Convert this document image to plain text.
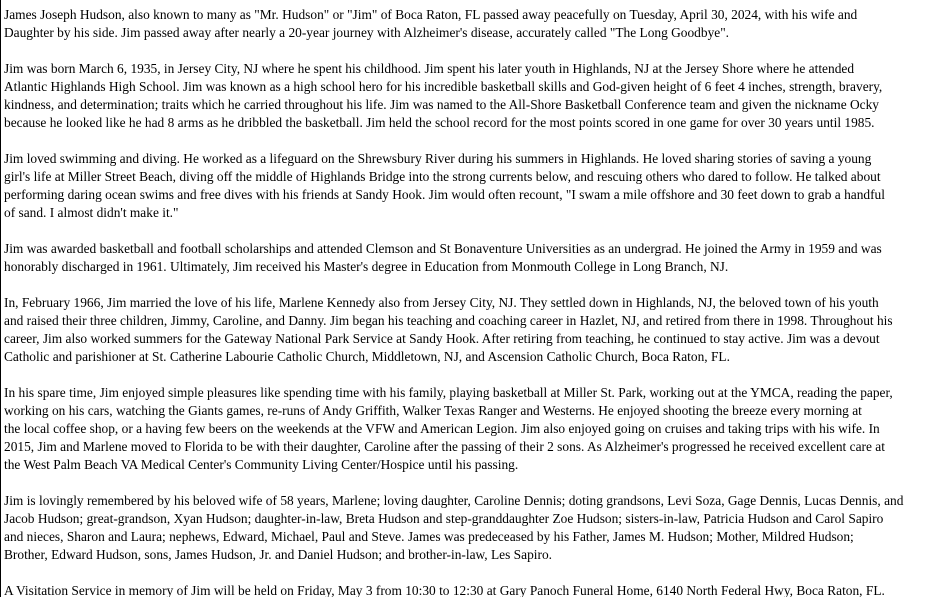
James Joseph Hudson, also known to many as "Mr. Hudson" or "Jim" of Boca Raton, FL passed away peacefully on Tuesday, April 30, 2024, with his wife and
Daughter by his side. Jim passed away after nearly a 20-year journey with Alzheimer's disease, accurately called "The Long Goodbye".

Jim was born March 6, 1935, in Jersey City, NJ where he spent his childhood. Jim spent his later youth in Highlands, NJ at the Jersey Shore where he attended
Atlantic Highlands High School. Jim was known as a high school hero for his incredible basketball skills and God-given height of 6 feet 4 inches, strength, bravery,
kindness, and determination; traits which he carried throughout his life. Jim was named to the All-Shore Basketball Conference team and given the nickname Ocky
because he looked like he had 8 arms as he dribbled the basketball. Jim held the school record for the most points scored in one game for over 30 years until 1985.

Jim loved swimming and diving. He worked as a lifeguard on the Shrewsbury River during his summers in Highlands. He loved sharing stories of saving a young
girl's life at Miller Street Beach, diving off the middle of Highlands Bridge into the strong currents below, and rescuing others who dared to follow. He talked about
performing daring ocean swims and free dives with his friends at Sandy Hook. Jim would often recount, "I swam a mile offshore and 30 feet down to grab a handful
of sand. I almost didn't make it."

Jim was awarded basketball and football scholarships and attended Clemson and St Bonaventure Universities as an undergrad. He joined the Army in 1959 and was
honorably discharged in 1961. Ultimately, Jim received his Master's degree in Education from Monmouth College in Long Branch, NJ.

In, February 1966, Jim married the love of his life, Marlene Kennedy also from Jersey City, NJ. They settled down in Highlands, NJ, the beloved town of his youth
and raised their three children, Jimmy, Caroline, and Danny. Jim began his teaching and coaching career in Hazlet, NJ, and retired from there in 1998. Throughout his
career, Jim also worked summers for the Gateway National Park Service at Sandy Hook. After retiring from teaching, he continued to stay active. Jim was a devout
Catholic and parishioner at St. Catherine Labourie Catholic Church, Middletown, NJ, and Ascension Catholic Church, Boca Raton, FL.

In his spare time, Jim enjoyed simple pleasures like spending time with his family, playing basketball at Miller St. Park, working out at the YMCA, reading the paper,
working on his cars, watching the Giants games, re-runs of Andy Griffith, Walker Texas Ranger and Westerns. He enjoyed shooting the breeze every morning at
the local coffee shop, or a having few beers on the weekends at the VFW and American Legion. Jim also enjoyed going on cruises and taking trips with his wife. In
2015, Jim and Marlene moved to Florida to be with their daughter, Caroline after the passing of their 2 sons. As Alzheimer's progressed he received excellent care at
the West Palm Beach VA Medical Center's Community Living Center/Hospice until his passing.

Jim is lovingly remembered by his beloved wife of 58 years, Marlene; loving daughter, Caroline Dennis; doting grandsons, Levi Soza, Gage Dennis, Lucas Dennis, and
Jacob Hudson; great-grandson, Xyan Hudson; daughter-in-law, Breta Hudson and step-granddaughter Zoe Hudson; sisters-in-law, Patricia Hudson and Carol Sapiro
and nieces, Sharon and Laura; nephews, Edward, Michael, Paul and Steve. James was predeceased by his Father, James M. Hudson; Mother, Mildred Hudson;
Brother, Edward Hudson, sons, James Hudson, Jr. and Daniel Hudson; and brother-in-law, Les Sapiro.

A Visitation Service in memory of Jim will be held on Friday, May 3 from 10:30 to 12:30 at Gary Panoch Funeral Home, 6140 North Federal Hwy, Boca Raton, FL.
